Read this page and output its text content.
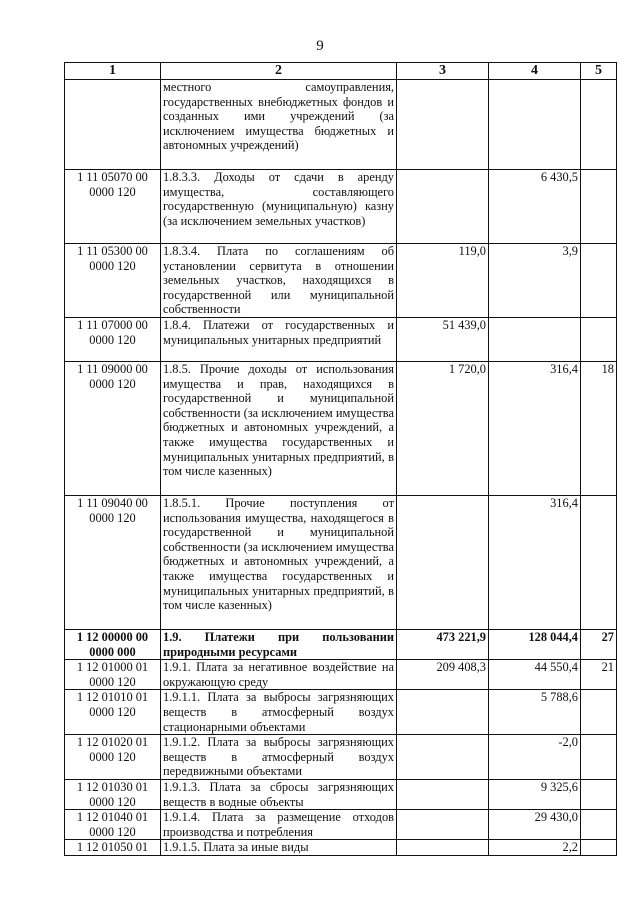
9
1	2	3	4	5
	местного самоуправления, государственных внебюджетных фондов и созданных ими учреждений (за исключением имущества бюджетных и автономных учреждений)			
1 11 05070 00 0000 120	1.8.3.3. Доходы от сдачи в аренду имущества, составляющего государственную (муниципальную) казну (за исключением земельных участков)		6 430,5	
1 11 05300 00 0000 120	1.8.3.4. Плата по соглашениям об установлении сервитута в отношении земельных участков, находящихся в государственной или муниципальной собственности	119,0	3,9	
1 11 07000 00 0000 120	1.8.4. Платежи от государственных и муниципальных унитарных предприятий	51 439,0		
1 11 09000 00 0000 120	1.8.5. Прочие доходы от использования имущества и прав, находящихся в государственной и муниципальной собственности (за исключением имущества бюджетных и автономных учреждений, а также имущества государственных и муниципальных унитарных предприятий, в том числе казенных)	1 720,0	316,4	18
1 11 09040 00 0000 120	1.8.5.1. Прочие поступления от использования имущества, находящегося в государственной и муниципальной собственности (за исключением имущества бюджетных и автономных учреждений, а также имущества государственных и муниципальных унитарных предприятий, в том числе казенных)		316,4	
1 12 00000 00 0000 000	1.9. Платежи при пользовании природными ресурсами	473 221,9	128 044,4	27
1 12 01000 01 0000 120	1.9.1. Плата за негативное воздействие на окружающую среду	209 408,3	44 550,4	21
1 12 01010 01 0000 120	1.9.1.1. Плата за выбросы загрязняющих веществ в атмосферный воздух стационарными объектами		5 788,6	
1 12 01020 01 0000 120	1.9.1.2. Плата за выбросы загрязняющих веществ в атмосферный воздух передвижными объектами		-2,0	
1 12 01030 01 0000 120	1.9.1.3. Плата за сбросы загрязняющих веществ в водные объекты		9 325,6	
1 12 01040 01 0000 120	1.9.1.4. Плата за размещение отходов производства и потребления		29 430,0	
1 12 01050 01	1.9.1.5. Плата за иные виды		2,2	
